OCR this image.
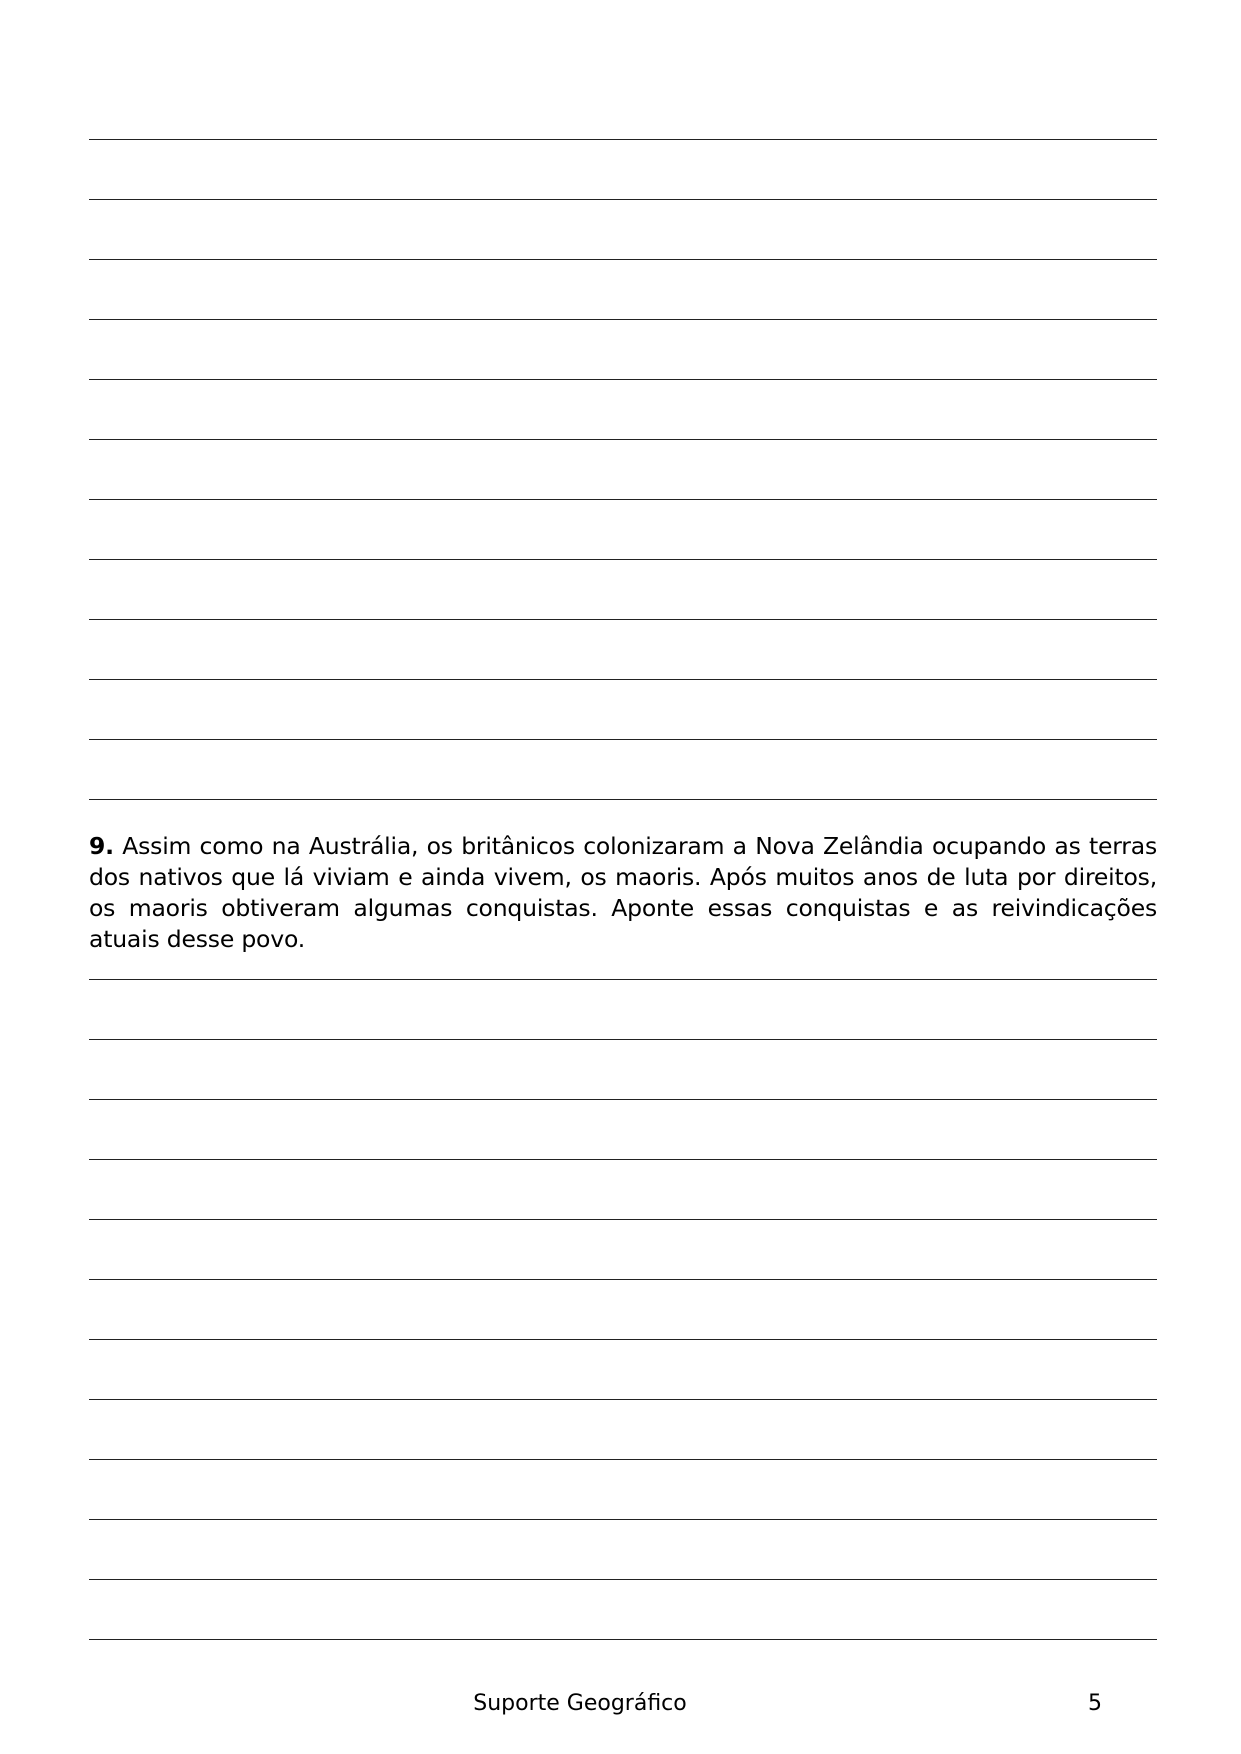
9. Assim como na Austrália, os britânicos colonizaram a Nova Zelândia ocupando as terras dos nativos que lá viviam e ainda vivem, os maoris. Após muitos anos de luta por direitos, os maoris obtiveram algumas conquistas. Aponte essas conquistas e as reivindicações atuais desse povo.
Suporte Geográfico	5
